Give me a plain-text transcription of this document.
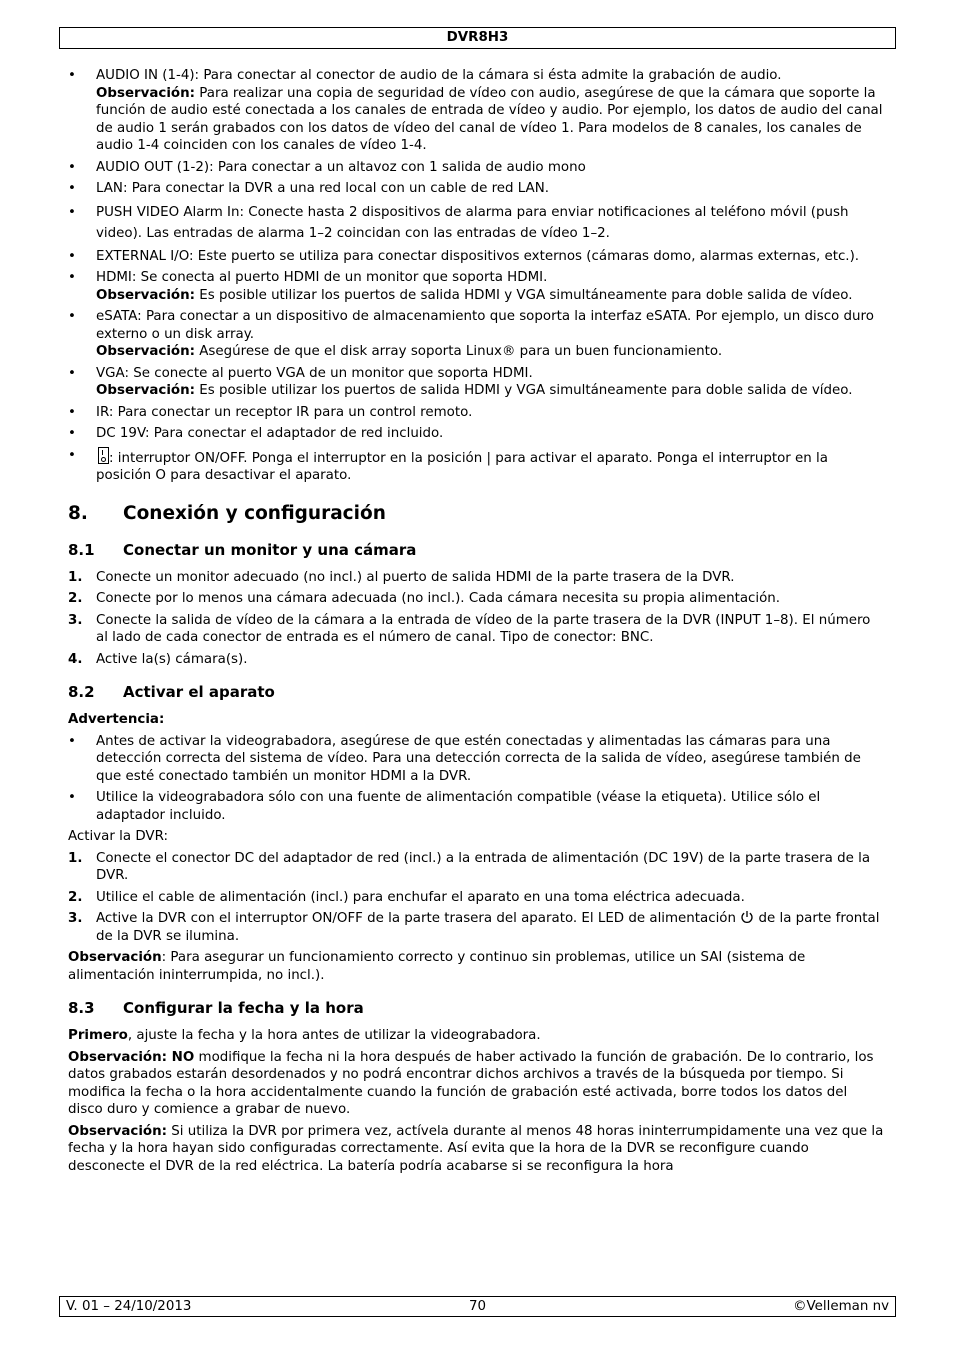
DVR8H3
• AUDIO IN (1-4): Para conectar al conector de audio de la cámara si ésta admite la grabación de audio.
Observación: Para realizar una copia de seguridad de vídeo con audio, asegúrese de que la cámara que soporte la función de audio esté conectada a los canales de entrada de vídeo y audio. Por ejemplo, los datos de audio del canal de audio 1 serán grabados con los datos de vídeo del canal de vídeo 1. Para modelos de 8 canales, los canales de audio 1-4 coinciden con los canales de vídeo 1-4.
• AUDIO OUT (1-2): Para conectar a un altavoz con 1 salida de audio mono
• LAN: Para conectar la DVR a una red local con un cable de red LAN.
• PUSH VIDEO Alarm In: Conecte hasta 2 dispositivos de alarma para enviar notificaciones al teléfono móvil (push video). Las entradas de alarma 1–2 coincidan con las entradas de vídeo 1–2.
• EXTERNAL I/O: Este puerto se utiliza para conectar dispositivos externos (cámaras domo, alarmas externas, etc.).
• HDMI: Se conecta al puerto HDMI de un monitor que soporta HDMI.
Observación: Es posible utilizar los puertos de salida HDMI y VGA simultáneamente para doble salida de vídeo.
• eSATA: Para conectar a un dispositivo de almacenamiento que soporta la interfaz eSATA. Por ejemplo, un disco duro externo o un disk array.
Observación: Asegúrese de que el disk array soporta Linux® para un buen funcionamiento.
• VGA: Se conecte al puerto VGA de un monitor que soporta HDMI.
Observación: Es posible utilizar los puertos de salida HDMI y VGA simultáneamente para doble salida de vídeo.
• IR: Para conectar un receptor IR para un control remoto.
• DC 19V: Para conectar el adaptador de red incluido.
• : interruptor ON/OFF. Ponga el interruptor en la posición | para activar el aparato. Ponga el interruptor en la posición O para desactivar el aparato.
8. Conexión y configuración
8.1 Conectar un monitor y una cámara
1. Conecte un monitor adecuado (no incl.) al puerto de salida HDMI de la parte trasera de la DVR.
2. Conecte por lo menos una cámara adecuada (no incl.). Cada cámara necesita su propia alimentación.
3. Conecte la salida de vídeo de la cámara a la entrada de vídeo de la parte trasera de la DVR (INPUT 1–8). El número al lado de cada conector de entrada es el número de canal. Tipo de conector: BNC.
4. Active la(s) cámara(s).
8.2 Activar el aparato

Advertencia:

• Antes de activar la videograbadora, asegúrese de que estén conectadas y alimentadas las cámaras para una detección correcta del sistema de vídeo. Para una detección correcta de la salida de vídeo, asegúrese también de que esté conectado también un monitor HDMI a la DVR.
• Utilice la videograbadora sólo con una fuente de alimentación compatible (véase la etiqueta). Utilice sólo el adaptador incluido.

Activar la DVR:

1. Conecte el conector DC del adaptador de red (incl.) a la entrada de alimentación (DC 19V) de la parte trasera de la DVR.
2. Utilice el cable de alimentación (incl.) para enchufar el aparato en una toma eléctrica adecuada.
3. Active la DVR con el interruptor ON/OFF de la parte trasera del aparato. El LED de alimentación  de la parte frontal de la DVR se ilumina.

Observación: Para asegurar un funcionamiento correcto y continuo sin problemas, utilice un SAI (sistema de alimentación ininterrumpida, no incl.).

8.3 Configurar la fecha y la hora

Primero, ajuste la fecha y la hora antes de utilizar la videograbadora.

Observación: NO modifique la fecha ni la hora después de haber activado la función de grabación. De lo contrario, los datos grabados estarán desordenados y no podrá encontrar dichos archivos a través de la búsqueda por tiempo. Si modifica la fecha o la hora accidentalmente cuando la función de grabación esté activada, borre todos los datos del disco duro y comience a grabar de nuevo.

Observación: Si utiliza la DVR por primera vez, actívela durante al menos 48 horas ininterrumpidamente una vez que la fecha y la hora hayan sido configuradas correctamente. Así evita que la hora de la DVR se reconfigure cuando desconecte el DVR de la red eléctrica. La batería podría acabarse si se reconfigura la hora

V. 01 – 24/10/2013	70	©Velleman nv
